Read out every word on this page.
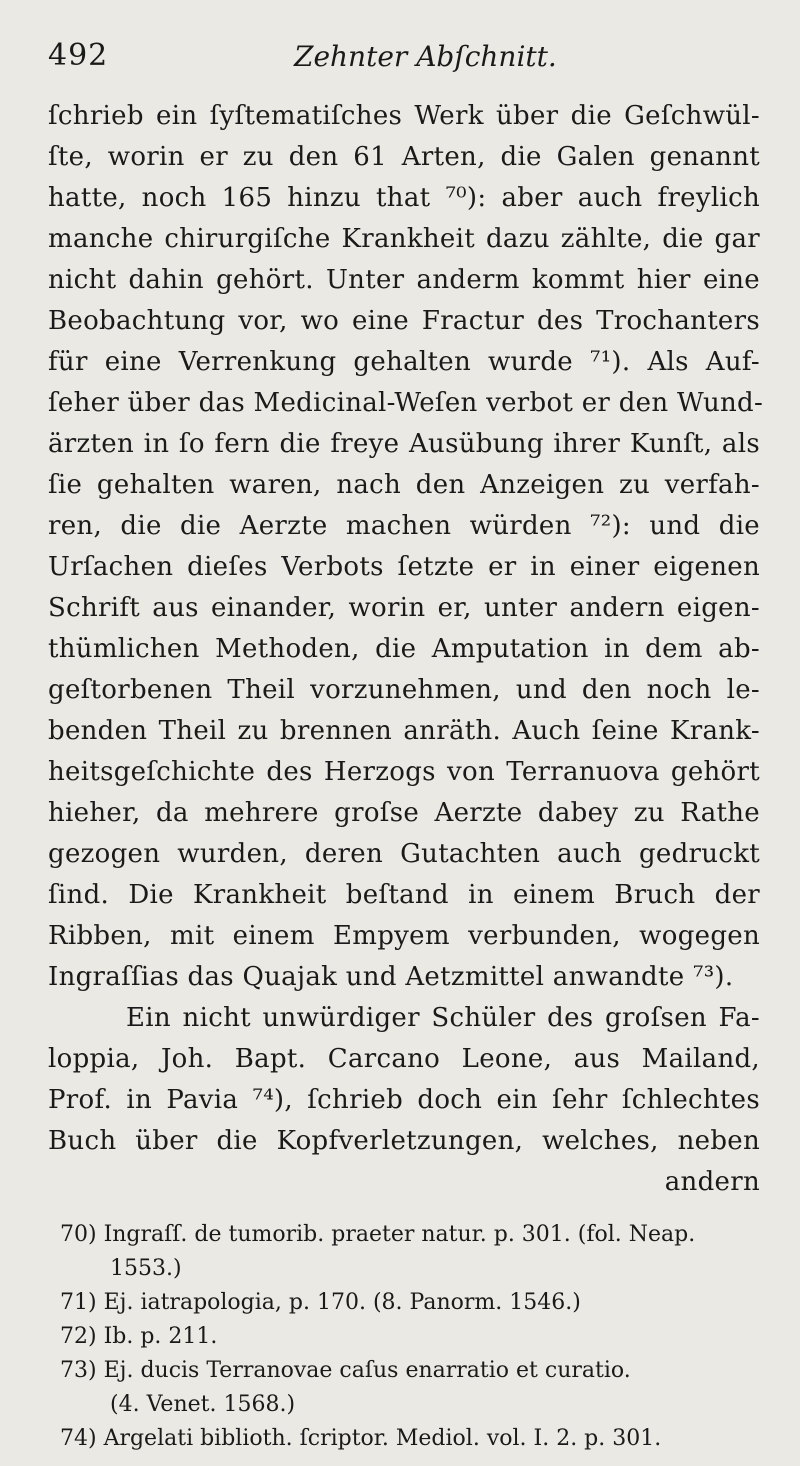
492	Zehnter Abſchnitt.
ſchrieb ein ſyſtematiſches Werk über die Geſchwül-
ſte, worin er zu den 61 Arten, die Galen genannt
hatte, noch 165 hinzu that ⁷⁰): aber auch freylich
manche chirurgiſche Krankheit dazu zählte, die gar
nicht dahin gehört. Unter anderm kommt hier eine
Beobachtung vor, wo eine Fractur des Trochanters
für eine Verrenkung gehalten wurde ⁷¹). Als Auf-
ſeher über das Medicinal-Weſen verbot er den Wund-
ärzten in ſo fern die freye Ausübung ihrer Kunſt, als
ſie gehalten waren, nach den Anzeigen zu verfah-
ren, die die Aerzte machen würden ⁷²): und die
Urſachen dieſes Verbots ſetzte er in einer eigenen
Schrift aus einander, worin er, unter andern eigen-
thümlichen Methoden, die Amputation in dem ab-
geſtorbenen Theil vorzunehmen, und den noch le-
benden Theil zu brennen anräth. Auch ſeine Krank-
heitsgeſchichte des Herzogs von Terranuova gehört
hieher, da mehrere groſse Aerzte dabey zu Rathe
gezogen wurden, deren Gutachten auch gedruckt
ſind. Die Krankheit beſtand in einem Bruch der
Ribben, mit einem Empyem verbunden, wogegen
Ingraſſias das Quajak und Aetzmittel anwandte ⁷³).
Ein nicht unwürdiger Schüler des groſsen Fa-
loppia, Joh. Bapt. Carcano Leone, aus Mailand,
Prof. in Pavia ⁷⁴), ſchrieb doch ein ſehr ſchlechtes
Buch über die Kopfverletzungen, welches, neben
andern
70) Ingraſſ. de tumorib. praeter natur. p. 301. (fol. Neap.
1553.)
71) Ej. iatrapologia, p. 170. (8. Panorm. 1546.)
72) Ib. p. 211.
73) Ej. ducis Terranovae caſus enarratio et curatio.
(4. Venet. 1568.)
74) Argelati biblioth. ſcriptor. Mediol. vol. I. 2. p. 301.
